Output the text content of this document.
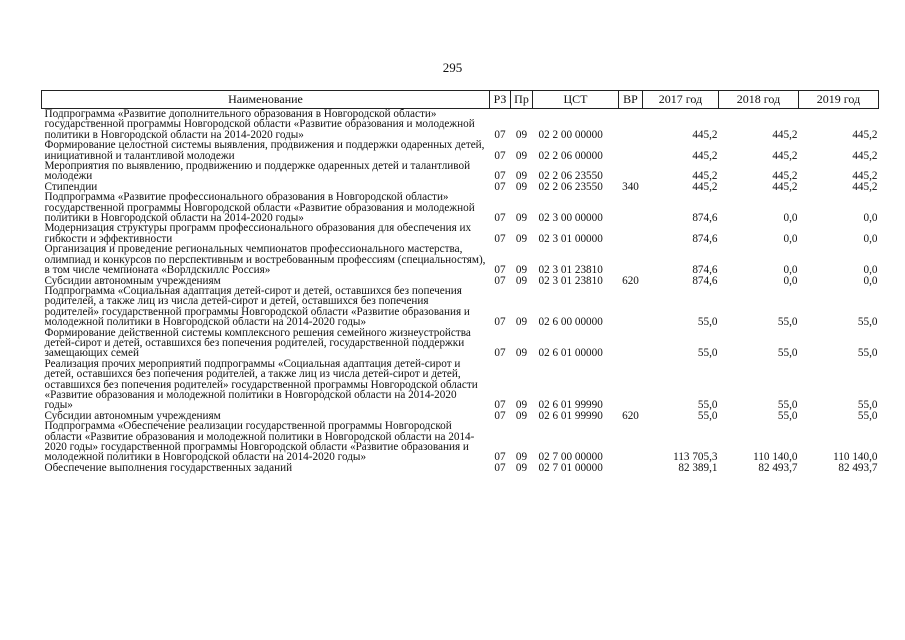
295
Наименование	РЗ	Пр	ЦСТ	ВР	2017 год	2018 год	2019 год
Подпрограмма «Развитие дополнительного образования в Новгородской области» государственной программы Новгородской области «Развитие образования и молодежной политики в Новгородской области на 2014-2020 годы»	07	09	02 2 00 00000		445,2	445,2	445,2
Формирование целостной системы выявления, продвижения и поддержки одаренных детей, инициативной и талантливой молодежи	07	09	02 2 06 00000		445,2	445,2	445,2
Мероприятия по выявлению, продвижению и поддержке одаренных детей и талантливой молодежи	07	09	02 2 06 23550		445,2	445,2	445,2
Стипендии	07	09	02 2 06 23550	340	445,2	445,2	445,2
Подпрограмма «Развитие профессионального образования в Новгородской области» государственной программы Новгородской области «Развитие образования и молодежной политики в Новгородской области на 2014-2020 годы»	07	09	02 3 00 00000		874,6	0,0	0,0
Модернизация структуры программ профессионального образования для обеспечения их гибкости и эффективности	07	09	02 3 01 00000		874,6	0,0	0,0
Организация и проведение региональных чемпионатов профессионального мастерства, олимпиад и конкурсов по перспективным и востребованным профессиям (специальностям), в том числе чемпионата «Ворлдскиллс Россия»	07	09	02 3 01 23810		874,6	0,0	0,0
Субсидии автономным учреждениям	07	09	02 3 01 23810	620	874,6	0,0	0,0
Подпрограмма «Социальная адаптация детей-сирот и детей, оставшихся без попечения родителей, а также лиц из числа детей-сирот и детей, оставшихся без попечения родителей» государственной программы Новгородской области «Развитие образования и молодежной политики в Новгородской области на 2014-2020 годы»	07	09	02 6 00 00000		55,0	55,0	55,0
Формирование действенной системы комплексного решения семейного жизнеустройства детей-сирот и детей, оставшихся без попечения родителей, государственной поддержки замещающих семей	07	09	02 6 01 00000		55,0	55,0	55,0
Реализация прочих мероприятий подпрограммы «Социальная адаптация детей-сирот и детей, оставшихся без попечения родителей, а также лиц из числа детей-сирот и детей, оставшихся без попечения родителей» государственной программы Новгородской области «Развитие образования и молодежной политики в Новгородской области на 2014-2020 годы»	07	09	02 6 01 99990		55,0	55,0	55,0
Субсидии автономным учреждениям	07	09	02 6 01 99990	620	55,0	55,0	55,0
Подпрограмма «Обеспечение реализации государственной программы Новгородской области «Развитие образования и молодежной политики в Новгородской области на 2014-2020 годы» государственной программы Новгородской области «Развитие образования и молодежной политики в Новгородской области на 2014-2020 годы»	07	09	02 7 00 00000		113 705,3	110 140,0	110 140,0
Обеспечение выполнения государственных заданий	07	09	02 7 01 00000		82 389,1	82 493,7	82 493,7
